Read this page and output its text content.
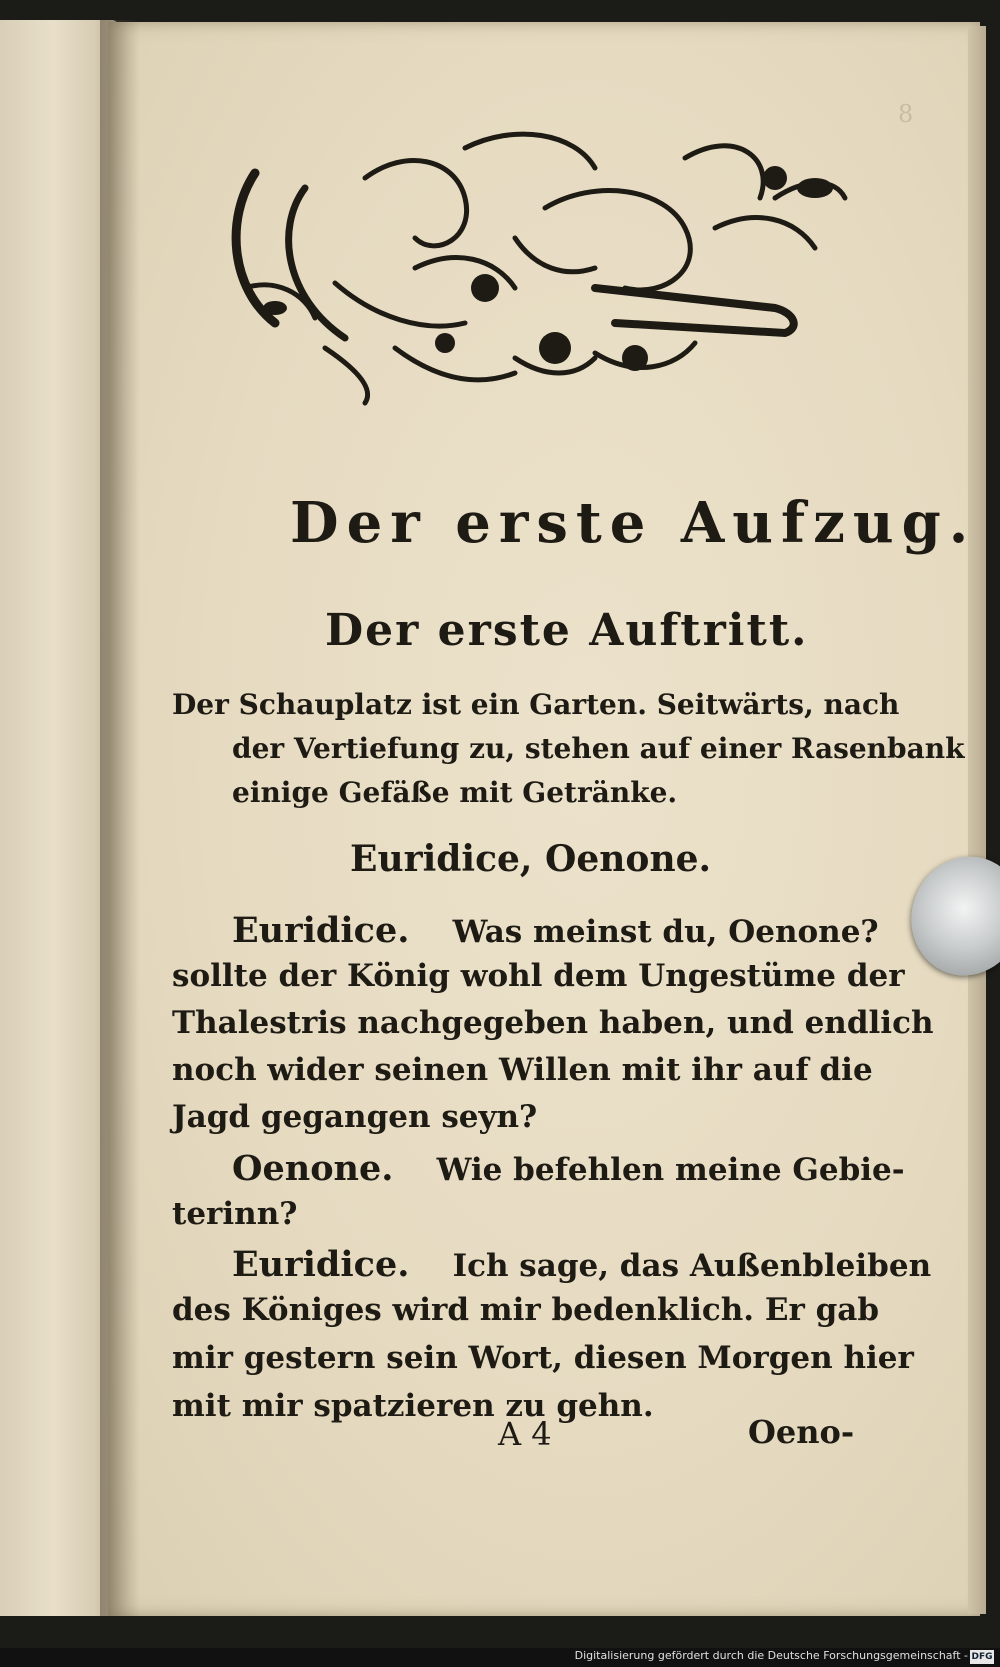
8
Der erste Aufzug.
Der erste Auftritt.
Der Schauplatz ist ein Garten. Seitwärts, nach
der Vertiefung zu, stehen auf einer Rasenbank
einige Gefäße mit Getränke.
Euridice, Oenone.
Euridice. Was meinst du, Oenone?
sollte der König wohl dem Ungestüme der
Thalestris nachgegeben haben, und endlich
noch wider seinen Willen mit ihr auf die
Jagd gegangen seyn?
Oenone. Wie befehlen meine Gebie-
terinn?
Euridice. Ich sage, das Außenbleiben
des Königes wird mir bedenklich. Er gab
mir gestern sein Wort, diesen Morgen hier
mit mir spatzieren zu gehn.
A 4	Oeno-
Digitalisierung gefördert durch die Deutsche Forschungsgemeinschaft - DFG
